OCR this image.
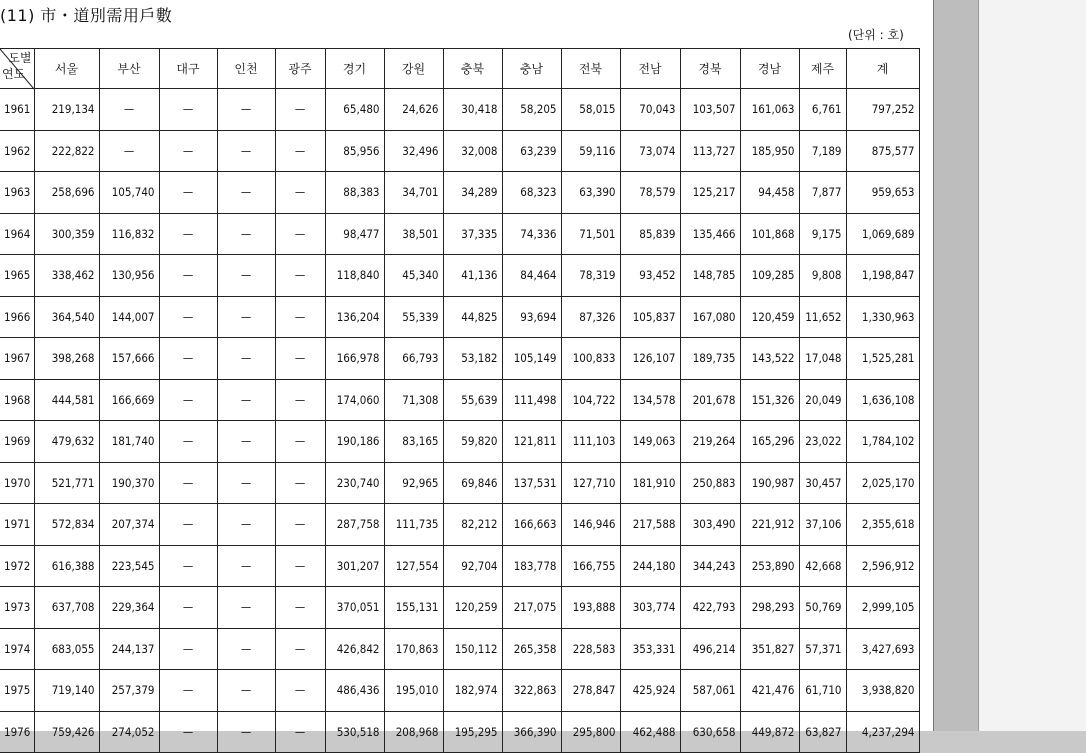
(11) 市・道別需用戶數
(단위 : 호)
도별
연도	서울	부산	대구	인천	광주	경기	강원	충북	충남	전북	전남	경북	경남	제주	계
1961	219,134	—	—	—	—	65,480	24,626	30,418	58,205	58,015	70,043	103,507	161,063	6,761	797,252
1962	222,822	—	—	—	—	85,956	32,496	32,008	63,239	59,116	73,074	113,727	185,950	7,189	875,577
1963	258,696	105,740	—	—	—	88,383	34,701	34,289	68,323	63,390	78,579	125,217	94,458	7,877	959,653
1964	300,359	116,832	—	—	—	98,477	38,501	37,335	74,336	71,501	85,839	135,466	101,868	9,175	1,069,689
1965	338,462	130,956	—	—	—	118,840	45,340	41,136	84,464	78,319	93,452	148,785	109,285	9,808	1,198,847
1966	364,540	144,007	—	—	—	136,204	55,339	44,825	93,694	87,326	105,837	167,080	120,459	11,652	1,330,963
1967	398,268	157,666	—	—	—	166,978	66,793	53,182	105,149	100,833	126,107	189,735	143,522	17,048	1,525,281
1968	444,581	166,669	—	—	—	174,060	71,308	55,639	111,498	104,722	134,578	201,678	151,326	20,049	1,636,108
1969	479,632	181,740	—	—	—	190,186	83,165	59,820	121,811	111,103	149,063	219,264	165,296	23,022	1,784,102
1970	521,771	190,370	—	—	—	230,740	92,965	69,846	137,531	127,710	181,910	250,883	190,987	30,457	2,025,170
1971	572,834	207,374	—	—	—	287,758	111,735	82,212	166,663	146,946	217,588	303,490	221,912	37,106	2,355,618
1972	616,388	223,545	—	—	—	301,207	127,554	92,704	183,778	166,755	244,180	344,243	253,890	42,668	2,596,912
1973	637,708	229,364	—	—	—	370,051	155,131	120,259	217,075	193,888	303,774	422,793	298,293	50,769	2,999,105
1974	683,055	244,137	—	—	—	426,842	170,863	150,112	265,358	228,583	353,331	496,214	351,827	57,371	3,427,693
1975	719,140	257,379	—	—	—	486,436	195,010	182,974	322,863	278,847	425,924	587,061	421,476	61,710	3,938,820
1976	759,426	274,052	—	—	—	530,518	208,968	195,295	366,390	295,800	462,488	630,658	449,872	63,827	4,237,294
